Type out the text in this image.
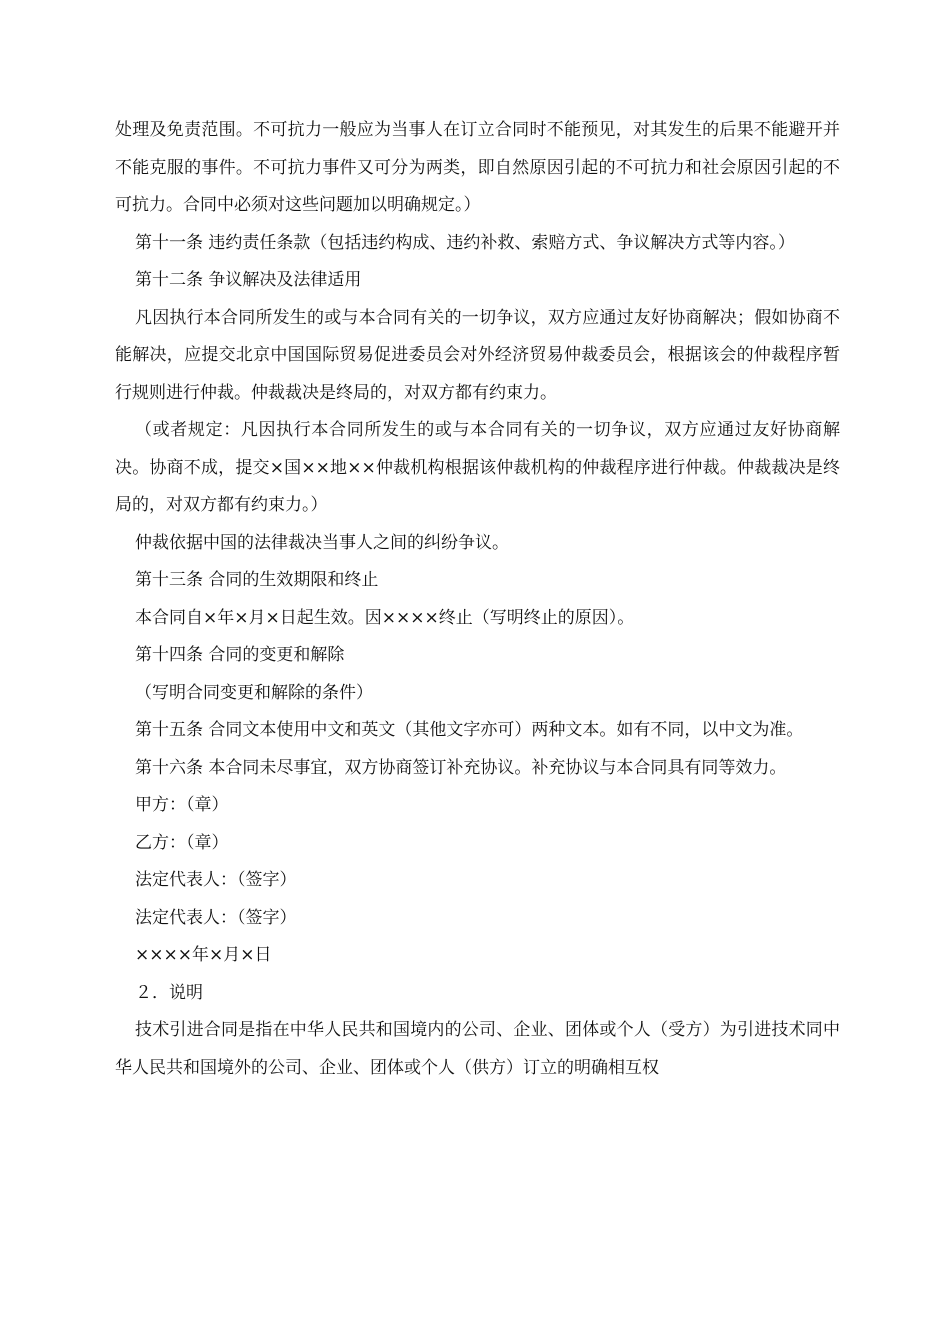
处理及免责范围。不可抗力一般应为当事人在订立合同时不能预见，对其发生的后果不能避开并不能克服的事件。不可抗力事件又可分为两类，即自然原因引起的不可抗力和社会原因引起的不可抗力。合同中必须对这些问题加以明确规定。）

第十一条 违约责任条款（包括违约构成、违约补救、索赔方式、争议解决方式等内容。）

第十二条 争议解决及法律适用

凡因执行本合同所发生的或与本合同有关的一切争议，双方应通过友好协商解决；假如协商不能解决，应提交北京中国国际贸易促进委员会对外经济贸易仲裁委员会，根据该会的仲裁程序暂行规则进行仲裁。仲裁裁决是终局的，对双方都有约束力。

（或者规定：凡因执行本合同所发生的或与本合同有关的一切争议，双方应通过友好协商解决。协商不成，提交×国××地××仲裁机构根据该仲裁机构的仲裁程序进行仲裁。仲裁裁决是终局的，对双方都有约束力。）

仲裁依据中国的法律裁决当事人之间的纠纷争议。

第十三条 合同的生效期限和终止

本合同自×年×月×日起生效。因××××终止（写明终止的原因）。

第十四条 合同的变更和解除

（写明合同变更和解除的条件）

第十五条 合同文本使用中文和英文（其他文字亦可）两种文本。如有不同，以中文为准。

第十六条 本合同未尽事宜，双方协商签订补充协议。补充协议与本合同具有同等效力。

甲方：（章）

乙方：（章）

法定代表人：（签字）

法定代表人：（签字）

××××年×月×日

２．说明

技术引进合同是指在中华人民共和国境内的公司、企业、团体或个人（受方）为引进技术同中华人民共和国境外的公司、企业、团体或个人（供方）订立的明确相互权
